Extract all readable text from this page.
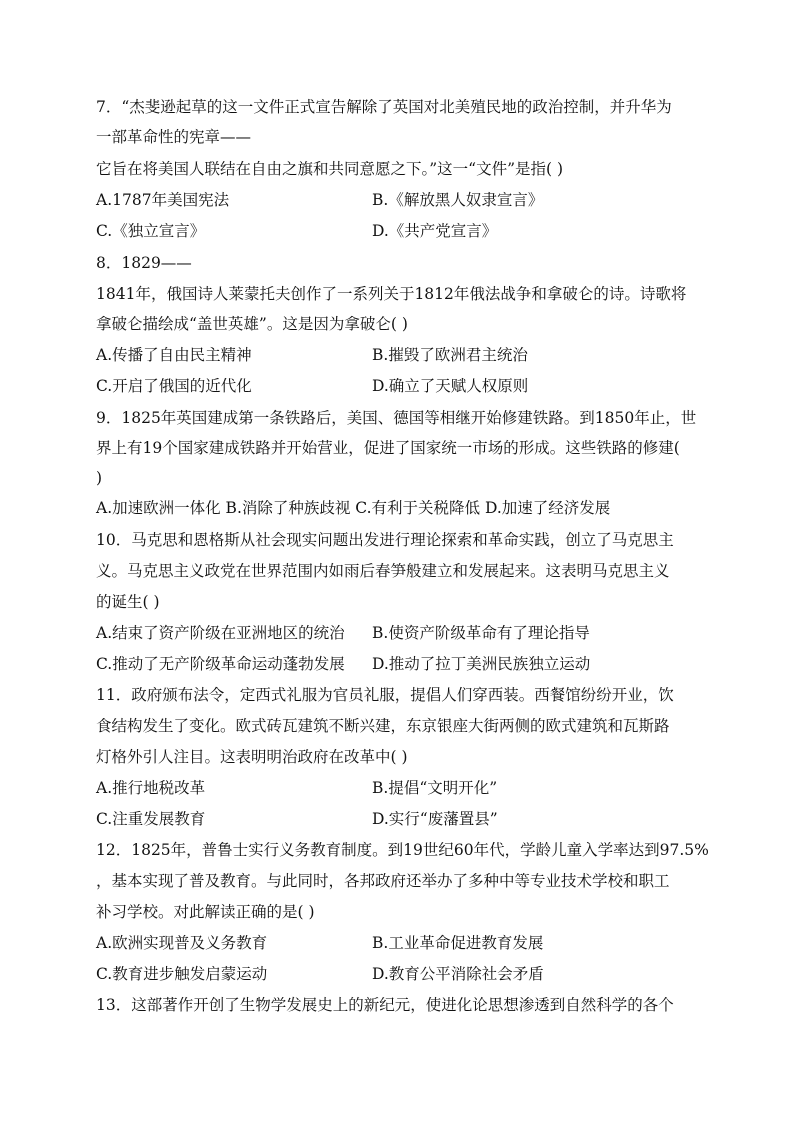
7．“杰斐逊起草的这一文件正式宣告解除了英国对北美殖民地的政治控制，并升华为
一部革命性的宪章——
它旨在将美国人联结在自由之旗和共同意愿之下。”这一“文件”是指( )
A.1787年美国宪法	B.《解放黑人奴隶宣言》
C.《独立宣言》	D.《共产党宣言》
8．1829——
1841年，俄国诗人莱蒙托夫创作了一系列关于1812年俄法战争和拿破仑的诗。诗歌将
拿破仑描绘成“盖世英雄”。这是因为拿破仑( )
A.传播了自由民主精神	B.摧毁了欧洲君主统治
C.开启了俄国的近代化	D.确立了天赋人权原则
9．1825年英国建成第一条铁路后，美国、德国等相继开始修建铁路。到1850年止，世
界上有19个国家建成铁路并开始营业，促进了国家统一市场的形成。这些铁路的修建(
)
A.加速欧洲一体化 B.消除了种族歧视 C.有利于关税降低 D.加速了经济发展
10．马克思和恩格斯从社会现实问题出发进行理论探索和革命实践，创立了马克思主
义。马克思主义政党在世界范围内如雨后春笋般建立和发展起来。这表明马克思主义
的诞生( )
A.结束了资产阶级在亚洲地区的统治 B.使资产阶级革命有了理论指导
C.推动了无产阶级革命运动蓬勃发展 D.推动了拉丁美洲民族独立运动
11．政府颁布法令，定西式礼服为官员礼服，提倡人们穿西装。西餐馆纷纷开业，饮
食结构发生了变化。欧式砖瓦建筑不断兴建，东京银座大街两侧的欧式建筑和瓦斯路
灯格外引人注目。这表明明治政府在改革中( )
A.推行地税改革	B.提倡“文明开化”
C.注重发展教育	D.实行“废藩置县”
12．1825年，普鲁士实行义务教育制度。到19世纪60年代，学龄儿童入学率达到97.5%
，基本实现了普及教育。与此同时，各邦政府还举办了多种中等专业技术学校和职工
补习学校。对此解读正确的是( )
A.欧洲实现普及义务教育	B.工业革命促进教育发展
C.教育进步触发启蒙运动	D.教育公平消除社会矛盾
13．这部著作开创了生物学发展史上的新纪元，使进化论思想渗透到自然科学的各个
